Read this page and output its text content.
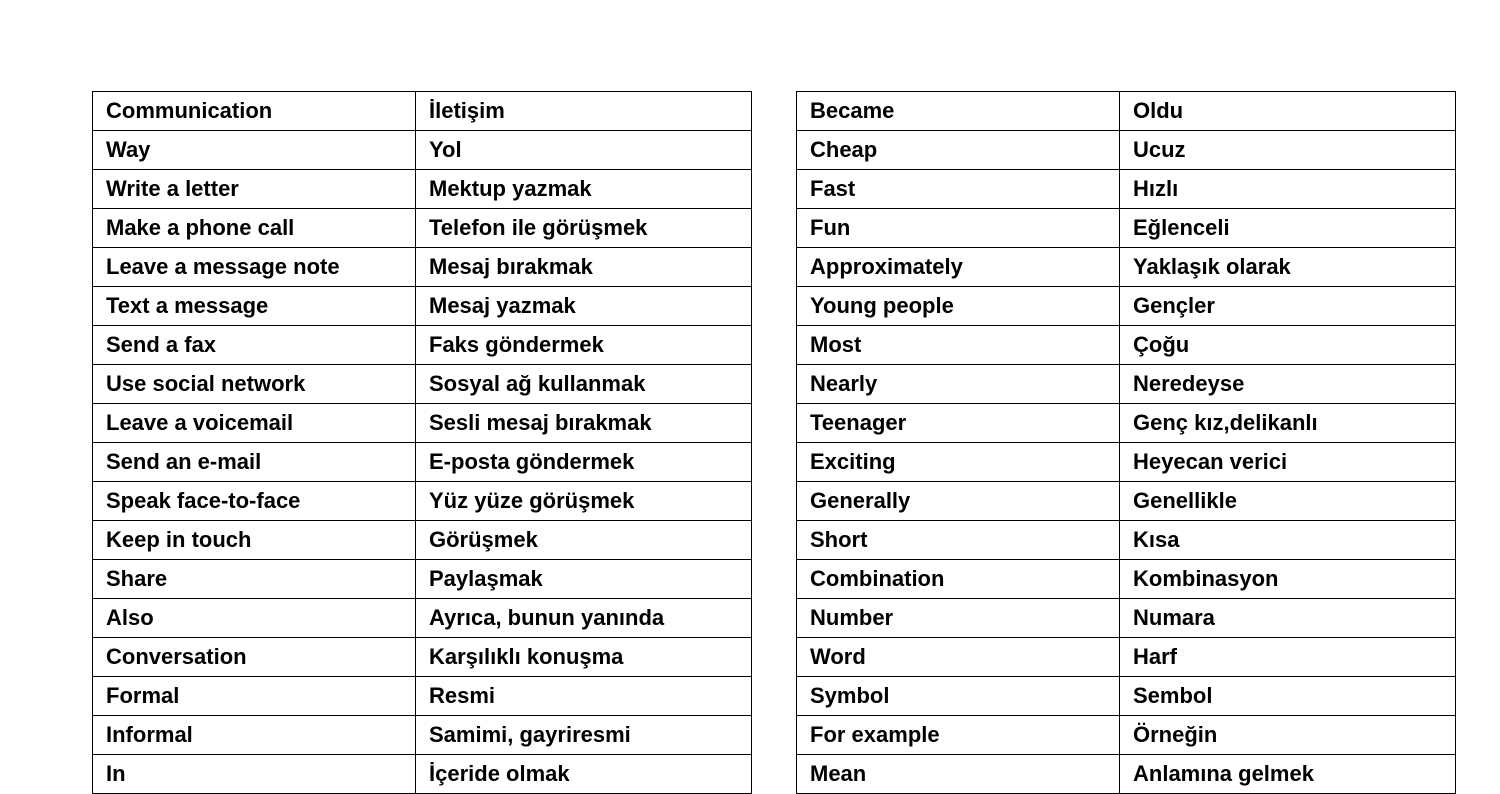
Communication	İletişim
Way	Yol
Write a letter	Mektup yazmak
Make a phone call	Telefon ile görüşmek
Leave a message note	Mesaj bırakmak
Text a message	Mesaj yazmak
Send a fax	Faks göndermek
Use social network	Sosyal ağ kullanmak
Leave a voicemail	Sesli mesaj bırakmak
Send an e-mail	E-posta göndermek
Speak face-to-face	Yüz yüze görüşmek
Keep in touch	Görüşmek
Share	Paylaşmak
Also	Ayrıca, bunun yanında
Conversation	Karşılıklı konuşma
Formal	Resmi
Informal	Samimi, gayriresmi
In	İçeride olmak
Became	Oldu
Cheap	Ucuz
Fast	Hızlı
Fun	Eğlenceli
Approximately	Yaklaşık olarak
Young people	Gençler
Most	Çoğu
Nearly	Neredeyse
Teenager	Genç kız,delikanlı
Exciting	Heyecan verici
Generally	Genellikle
Short	Kısa
Combination	Kombinasyon
Number	Numara
Word	Harf
Symbol	Sembol
For example	Örneğin
Mean	Anlamına gelmek
